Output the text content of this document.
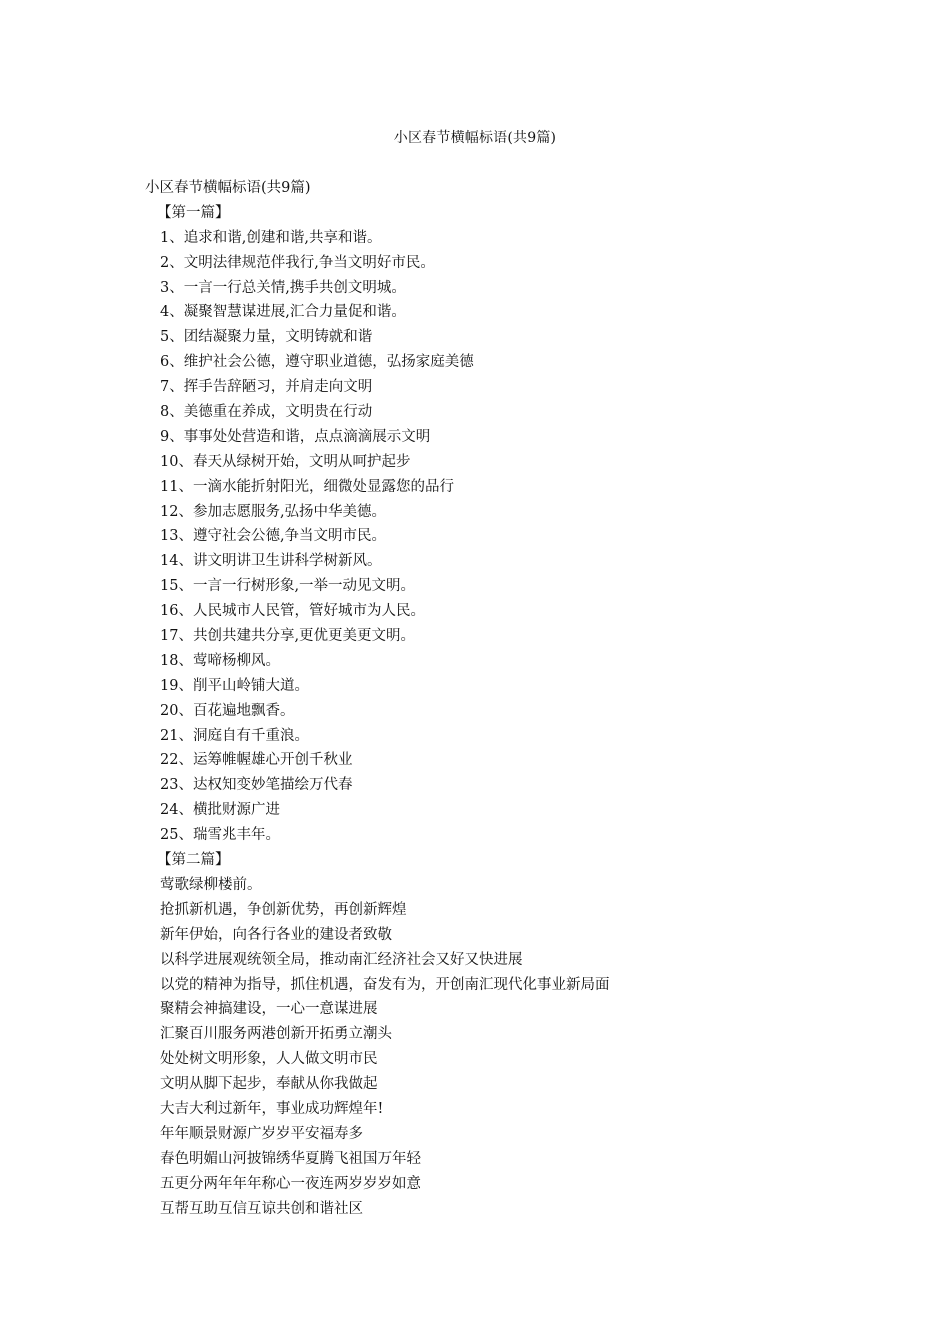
小区春节横幅标语(共9篇)
小区春节横幅标语(共9篇)
【第一篇】
1、追求和谐,创建和谐,共享和谐。
2、文明法律规范伴我行,争当文明好市民。
3、一言一行总关情,携手共创文明城。
4、凝聚智慧谋进展,汇合力量促和谐。
5、团结凝聚力量，文明铸就和谐
6、维护社会公德，遵守职业道德，弘扬家庭美德
7、挥手告辞陋习，并肩走向文明
8、美德重在养成，文明贵在行动
9、事事处处营造和谐，点点滴滴展示文明
10、春天从绿树开始，文明从呵护起步
11、一滴水能折射阳光，细微处显露您的品行
12、参加志愿服务,弘扬中华美德。
13、遵守社会公德,争当文明市民。
14、讲文明讲卫生讲科学树新风。
15、一言一行树形象,一举一动见文明。
16、人民城市人民管，管好城市为人民。
17、共创共建共分享,更优更美更文明。
18、莺啼杨柳风。
19、削平山岭铺大道。
20、百花遍地飘香。
21、洞庭自有千重浪。
22、运筹帷幄雄心开创千秋业
23、达权知变妙笔描绘万代春
24、横批财源广进
25、瑞雪兆丰年。
【第二篇】
莺歌绿柳楼前。
抢抓新机遇，争创新优势，再创新辉煌
新年伊始，向各行各业的建设者致敬
以科学进展观统领全局，推动南汇经济社会又好又快进展
以党的精神为指导，抓住机遇，奋发有为，开创南汇现代化事业新局面
聚精会神搞建设，一心一意谋进展
汇聚百川服务两港创新开拓勇立潮头
处处树文明形象，人人做文明市民
文明从脚下起步，奉献从你我做起
大吉大利过新年，事业成功辉煌年!
年年顺景财源广岁岁平安福寿多
春色明媚山河披锦绣华夏腾飞祖国万年轻
五更分两年年年称心一夜连两岁岁岁如意
互帮互助互信互谅共创和谐社区
